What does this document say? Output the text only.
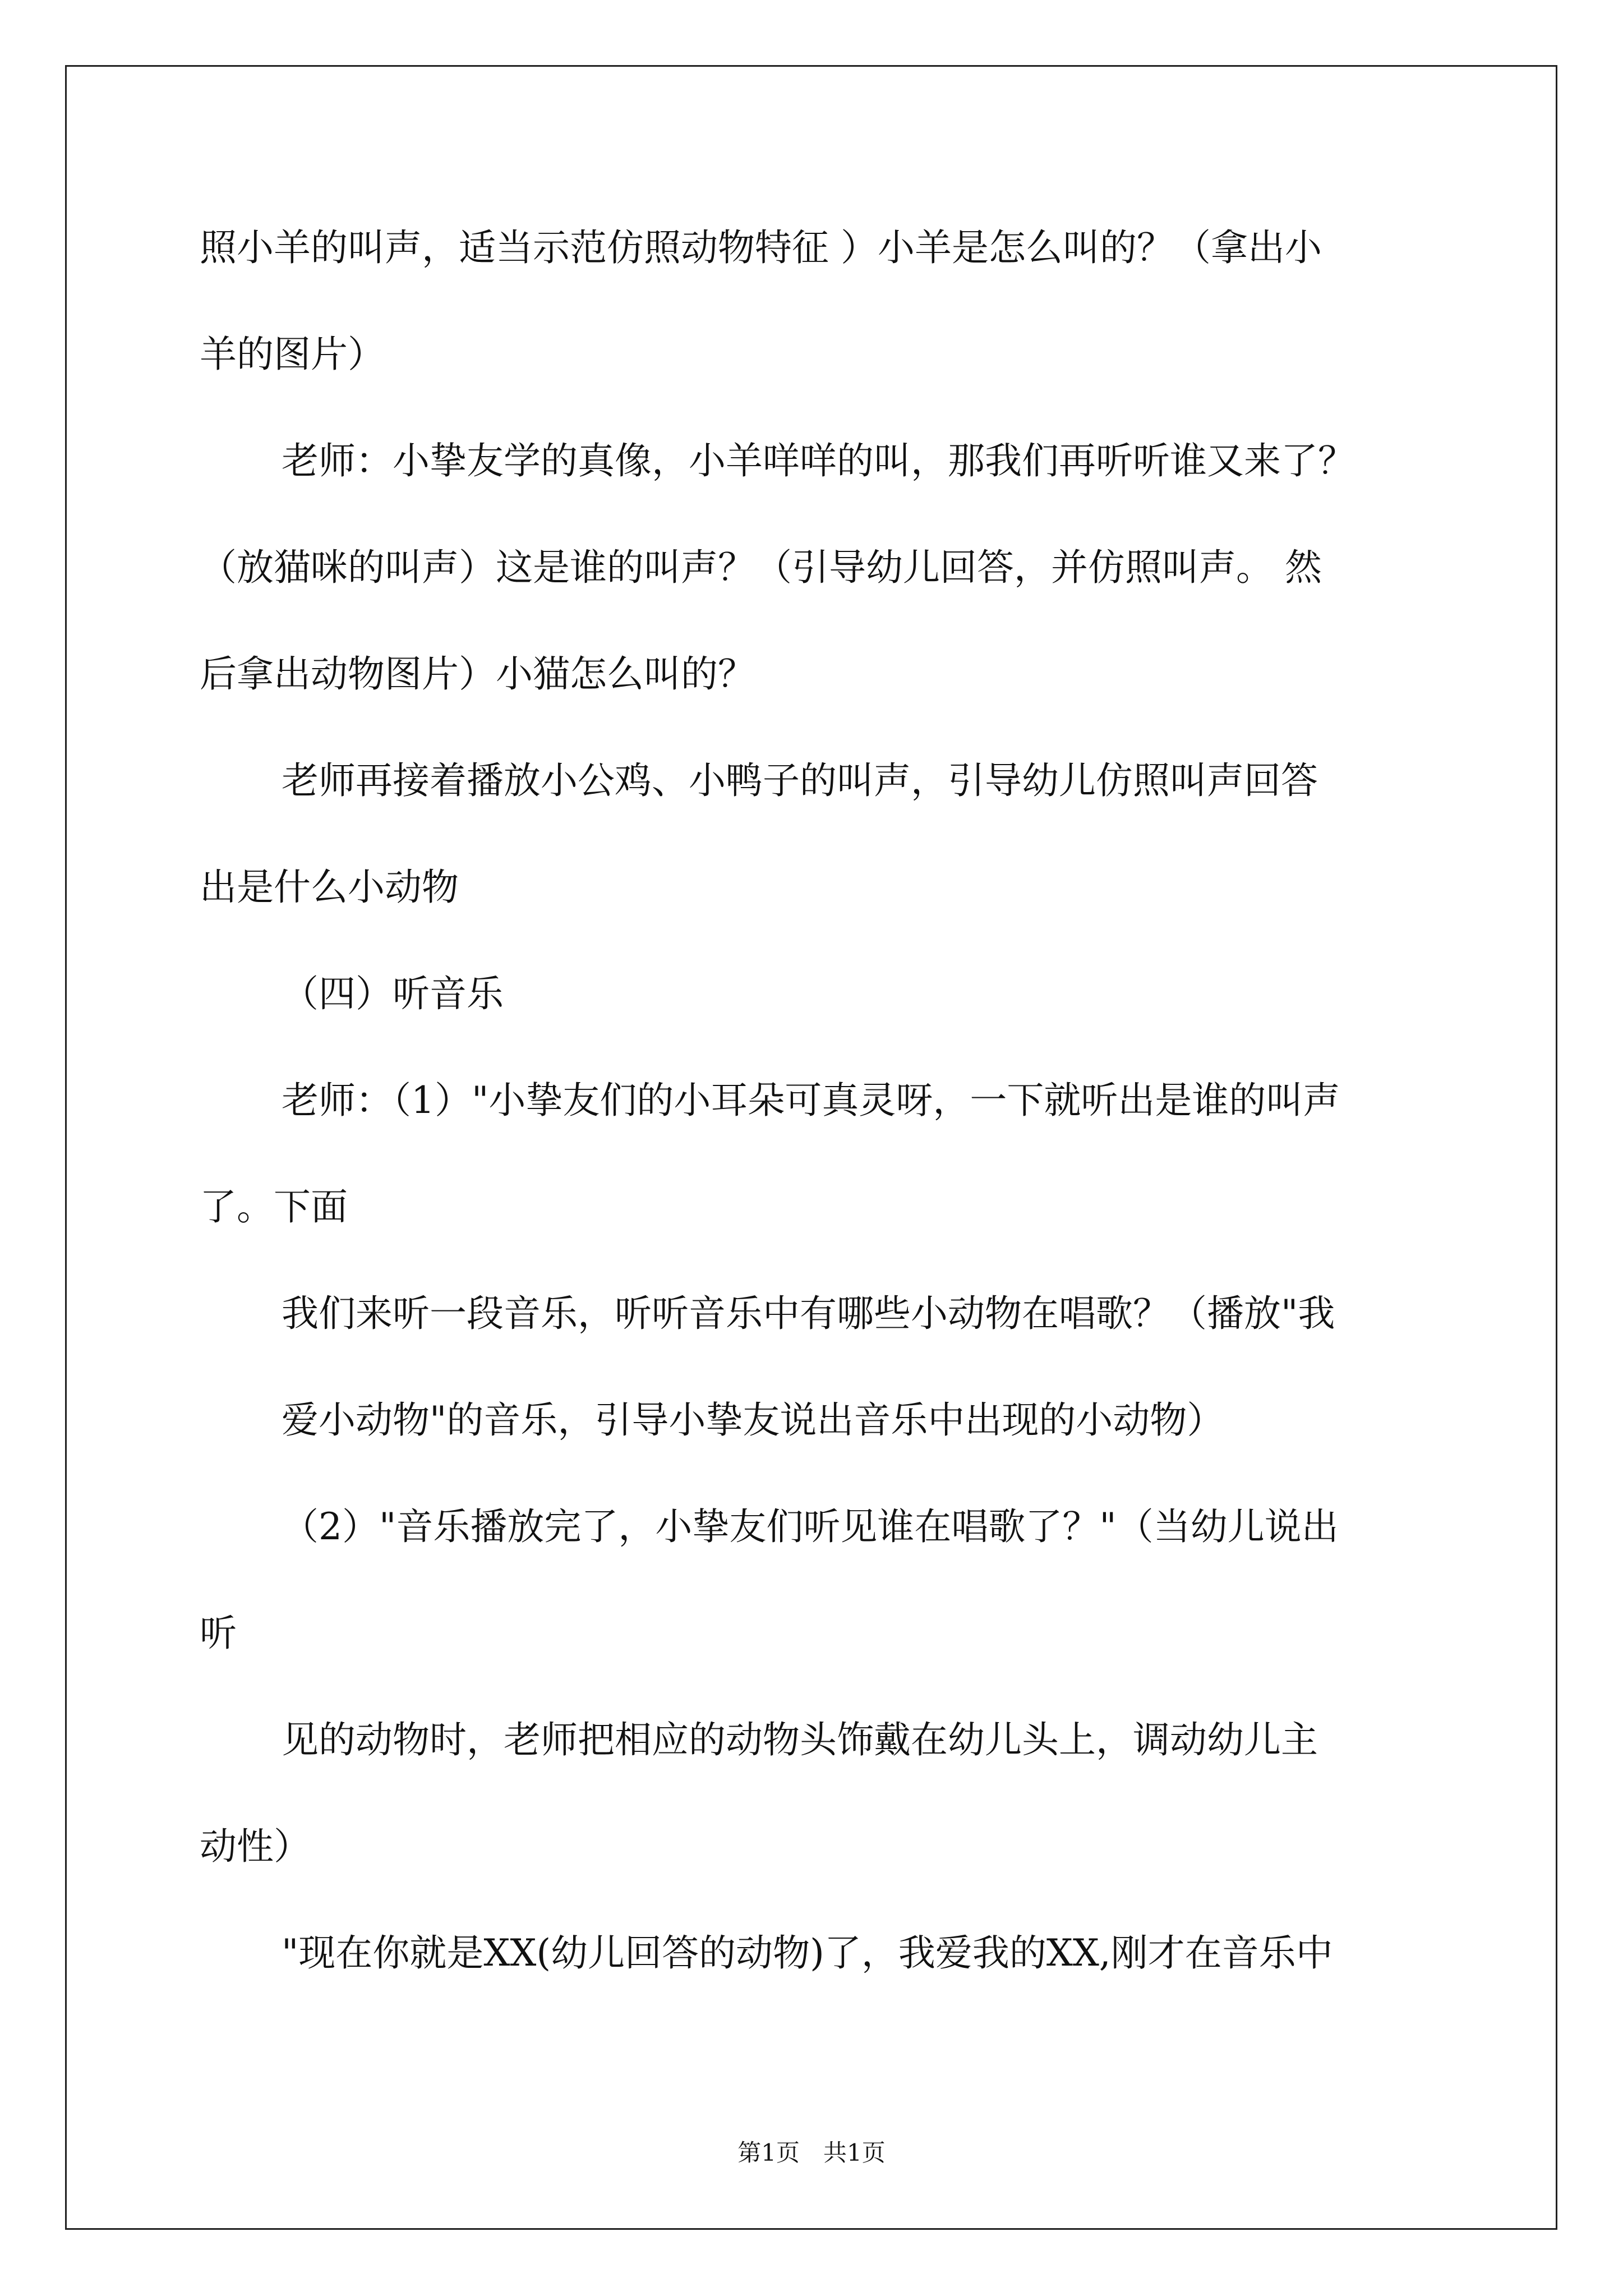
照小羊的叫声，适当示范仿照动物特征 ）小羊是怎么叫的？（拿出小

羊的图片）

老师：小挚友学的真像，小羊咩咩的叫，那我们再听听谁又来了？

（放猫咪的叫声）这是谁的叫声？（引导幼儿回答，并仿照叫声。 然

后拿出动物图片）小猫怎么叫的？

老师再接着播放小公鸡、小鸭子的叫声，引导幼儿仿照叫声回答

出是什么小动物

（四）听音乐

老师：（1）"小挚友们的小耳朵可真灵呀，一下就听出是谁的叫声

了。下面

我们来听一段音乐，听听音乐中有哪些小动物在唱歌？（播放"我

爱小动物"的音乐，引导小挚友说出音乐中出现的小动物）

（2）"音乐播放完了，小挚友们听见谁在唱歌了？"（当幼儿说出

听

见的动物时，老师把相应的动物头饰戴在幼儿头上，调动幼儿主

动性）

"现在你就是XX(幼儿回答的动物)了，我爱我的XX,刚才在音乐中

第1页　共1页
